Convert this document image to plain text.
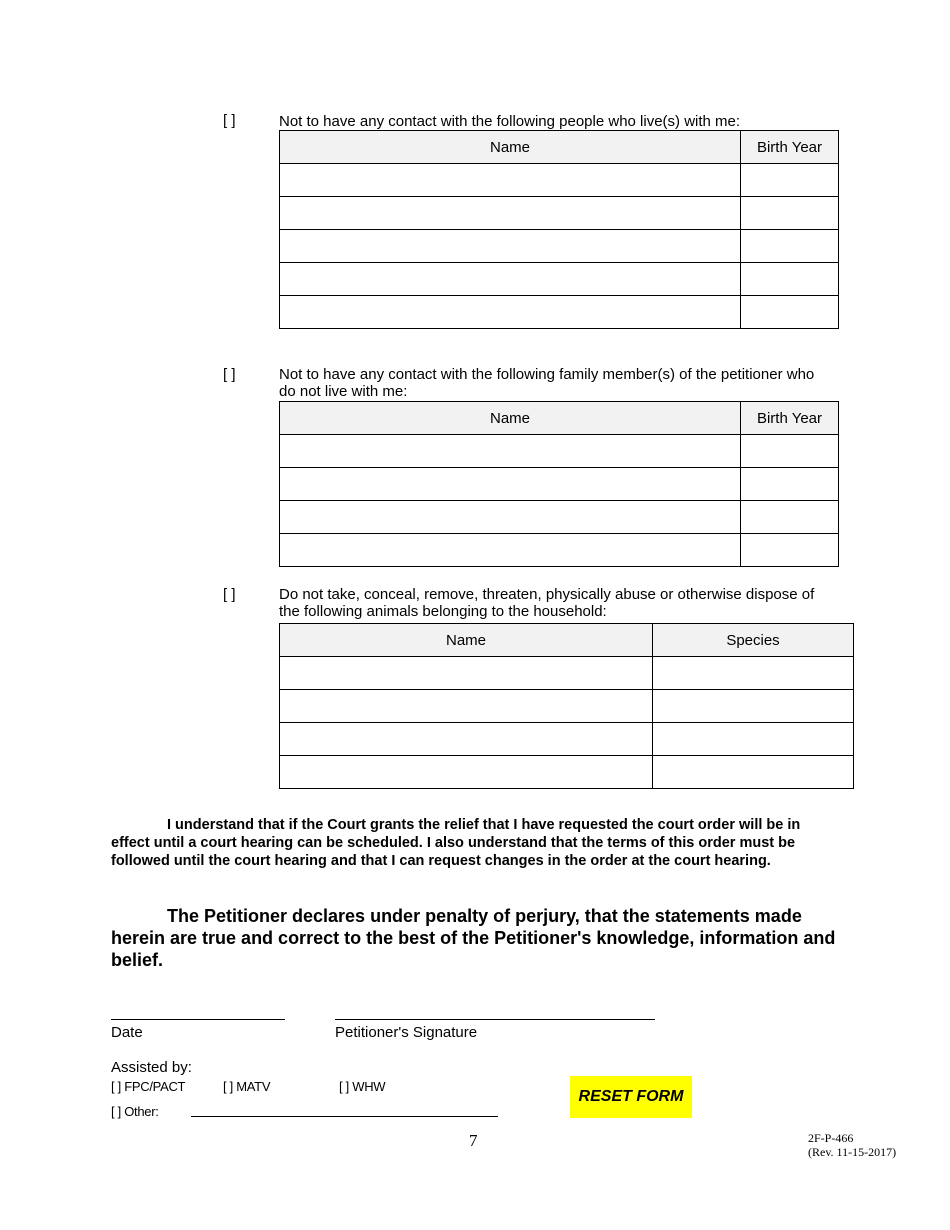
[ ]	Not to have any contact with the following people who live(s) with me:
Name	Birth Year

[ ]	Not to have any contact with the following family member(s) of the petitioner who
do not live with me:
Name	Birth Year

[ ]	Do not take, conceal, remove, threaten, physically abuse or otherwise dispose of
the following animals belonging to the household:
Name	Species

I understand that if the Court grants the relief that I have requested the court order will be in effect until a court hearing can be scheduled. I also understand that the terms of this order must be followed until the court hearing and that I can request changes in the order at the court hearing.
The Petitioner declares under penalty of perjury, that the statements made herein are true and correct to the best of the Petitioner's knowledge, information and belief.
Date	Petitioner's Signature
Assisted by:
[ ] FPC/PACT	[ ] MATV	[ ] WHW
[ ] Other:
RESET FORM
7	2F-P-466
(Rev. 11-15-2017)
